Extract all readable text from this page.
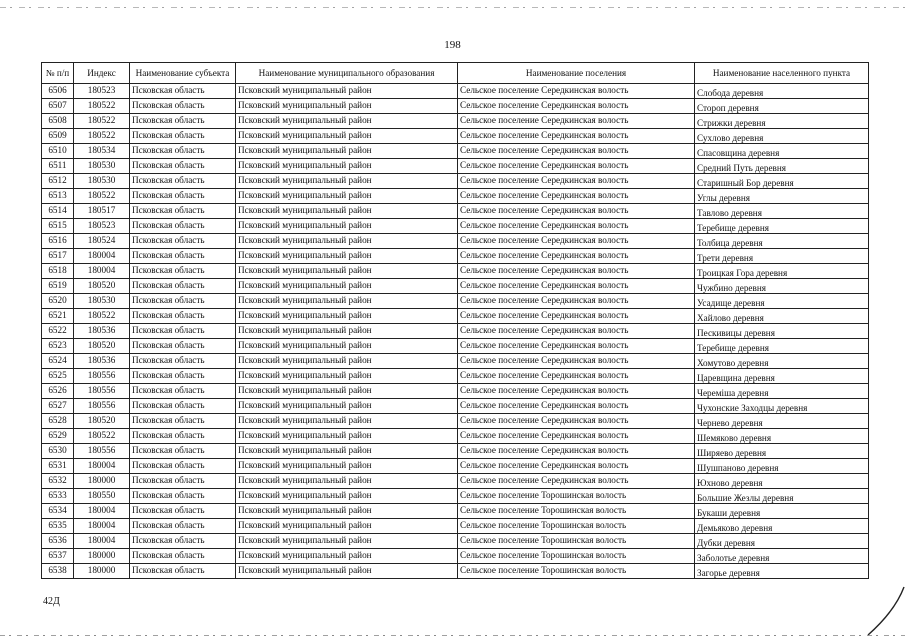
198
№ п/п	Индекс	Наименование субъекта	Наименование муниципального образования	Наименование поселения	Наименование населенного пункта
6506	180523	Псковская область	Псковский муниципальный район	Сельское поселение Середкинская волость	Слобода деревня
6507	180522	Псковская область	Псковский муниципальный район	Сельское поселение Середкинская волость	Стороп деревня
6508	180522	Псковская область	Псковский муниципальный район	Сельское поселение Середкинская волость	Стрижки деревня
6509	180522	Псковская область	Псковский муниципальный район	Сельское поселение Середкинская волость	Сухлово деревня
6510	180534	Псковская область	Псковский муниципальный район	Сельское поселение Середкинская волость	Спасовщина деревня
6511	180530	Псковская область	Псковский муниципальный район	Сельское поселение Середкинская волость	Средний Путь деревня
6512	180530	Псковская область	Псковский муниципальный район	Сельское поселение Середкинская волость	Старишный Бор деревня
6513	180522	Псковская область	Псковский муниципальный район	Сельское поселение Середкинская волость	Углы деревня
6514	180517	Псковская область	Псковский муниципальный район	Сельское поселение Середкинская волость	Тавлово деревня
6515	180523	Псковская область	Псковский муниципальный район	Сельское поселение Середкинская волость	Теребище деревня
6516	180524	Псковская область	Псковский муниципальный район	Сельское поселение Середкинская волость	Толбица деревня
6517	180004	Псковская область	Псковский муниципальный район	Сельское поселение Середкинская волость	Трети деревня
6518	180004	Псковская область	Псковский муниципальный район	Сельское поселение Середкинская волость	Троицкая Гора деревня
6519	180520	Псковская область	Псковский муниципальный район	Сельское поселение Середкинская волость	Чужбино деревня
6520	180530	Псковская область	Псковский муниципальный район	Сельское поселение Середкинская волость	Усадище деревня
6521	180522	Псковская область	Псковский муниципальный район	Сельское поселение Середкинская волость	Хайлово деревня
6522	180536	Псковская область	Псковский муниципальный район	Сельское поселение Середкинская волость	Пескивицы деревня
6523	180520	Псковская область	Псковский муниципальный район	Сельское поселение Середкинская волость	Теребище деревня
6524	180536	Псковская область	Псковский муниципальный район	Сельское поселение Середкинская волость	Хомутово деревня
6525	180556	Псковская область	Псковский муниципальный район	Сельское поселение Середкинская волость	Царевщина деревня
6526	180556	Псковская область	Псковский муниципальный район	Сельское поселение Середкинская волость	Череміша деревня
6527	180556	Псковская область	Псковский муниципальный район	Сельское поселение Середкинская волость	Чухонские Заходцы деревня
6528	180520	Псковская область	Псковский муниципальный район	Сельское поселение Середкинская волость	Чернево деревня
6529	180522	Псковская область	Псковский муниципальный район	Сельское поселение Середкинская волость	Шемяково деревня
6530	180556	Псковская область	Псковский муниципальный район	Сельское поселение Середкинская волость	Ширяево деревня
6531	180004	Псковская область	Псковский муниципальный район	Сельское поселение Середкинская волость	Шушпаново деревня
6532	180000	Псковская область	Псковский муниципальный район	Сельское поселение Середкинская волость	Юхново деревня
6533	180550	Псковская область	Псковский муниципальный район	Сельское поселение Торошинская волость	Большие Жезлы деревня
6534	180004	Псковская область	Псковский муниципальный район	Сельское поселение Торошинская волость	Букаши деревня
6535	180004	Псковская область	Псковский муниципальный район	Сельское поселение Торошинская волость	Демьяково деревня
6536	180004	Псковская область	Псковский муниципальный район	Сельское поселение Торошинская волость	Дубки деревня
6537	180000	Псковская область	Псковский муниципальный район	Сельское поселение Торошинская волость	Заболотье деревня
6538	180000	Псковская область	Псковский муниципальный район	Сельское поселение Торошинская волость	Загорье деревня
42Д
